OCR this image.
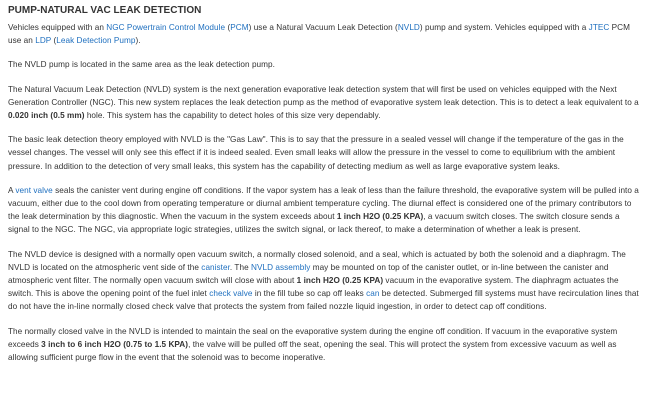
PUMP-NATURAL VAC LEAK DETECTION

Vehicles equipped with an NGC Powertrain Control Module (PCM) use a Natural Vacuum Leak Detection (NVLD) pump and system. Vehicles equipped with a JTEC PCM use an LDP (Leak Detection Pump).

The NVLD pump is located in the same area as the leak detection pump.

The Natural Vacuum Leak Detection (NVLD) system is the next generation evaporative leak detection system that will first be used on vehicles equipped with the Next Generation Controller (NGC). This new system replaces the leak detection pump as the method of evaporative system leak detection. This is to detect a leak equivalent to a 0.020 inch (0.5 mm) hole. This system has the capability to detect holes of this size very dependably.

The basic leak detection theory employed with NVLD is the "Gas Law". This is to say that the pressure in a sealed vessel will change if the temperature of the gas in the vessel changes. The vessel will only see this effect if it is indeed sealed. Even small leaks will allow the pressure in the vessel to come to equilibrium with the ambient pressure. In addition to the detection of very small leaks, this system has the capability of detecting medium as well as large evaporative system leaks.

A vent valve seals the canister vent during engine off conditions. If the vapor system has a leak of less than the failure threshold, the evaporative system will be pulled into a vacuum, either due to the cool down from operating temperature or diurnal ambient temperature cycling. The diurnal effect is considered one of the primary contributors to the leak determination by this diagnostic. When the vacuum in the system exceeds about 1 inch H2O (0.25 KPA), a vacuum switch closes. The switch closure sends a signal to the NGC. The NGC, via appropriate logic strategies, utilizes the switch signal, or lack thereof, to make a determination of whether a leak is present.

The NVLD device is designed with a normally open vacuum switch, a normally closed solenoid, and a seal, which is actuated by both the solenoid and a diaphragm. The NVLD is located on the atmospheric vent side of the canister. The NVLD assembly may be mounted on top of the canister outlet, or in-line between the canister and atmospheric vent filter. The normally open vacuum switch will close with about 1 inch H2O (0.25 KPA) vacuum in the evaporative system. The diaphragm actuates the switch. This is above the opening point of the fuel inlet check valve in the fill tube so cap off leaks can be detected. Submerged fill systems must have recirculation lines that do not have the in-line normally closed check valve that protects the system from failed nozzle liquid ingestion, in order to detect cap off conditions.

The normally closed valve in the NVLD is intended to maintain the seal on the evaporative system during the engine off condition. If vacuum in the evaporative system exceeds 3 inch to 6 inch H2O (0.75 to 1.5 KPA), the valve will be pulled off the seat, opening the seal. This will protect the system from excessive vacuum as well as allowing sufficient purge flow in the event that the solenoid was to become inoperative.
